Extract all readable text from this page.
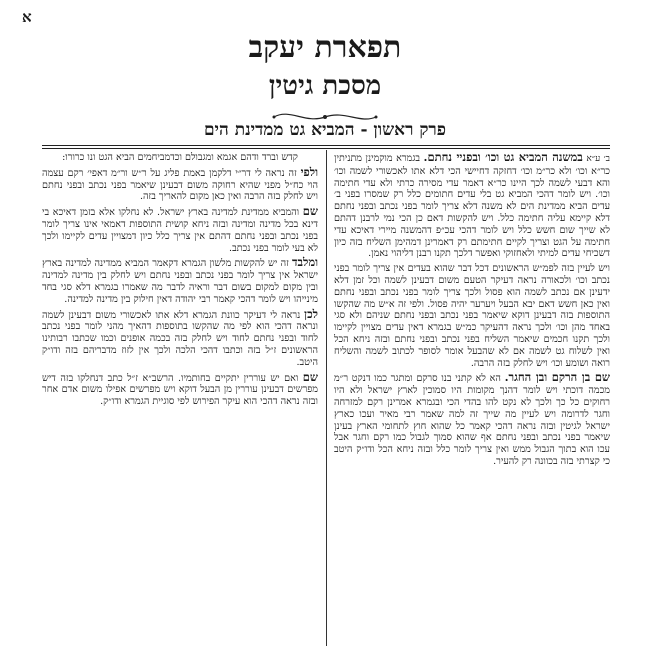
א
תפארת יעקב
מסכת גיטין
פרק ראשון - המביא גט ממדינת הים

ב׳ ע״א במשנה המביא גט וכו׳ ובפניי נחתם. בגמרא מוקמינן מתניתין כר״א וכו׳ ולא כר״מ וכו׳ דחזקה דחיישי הכי דלא אתו לאכשורי לשמה וכו׳ והא דבעי לשמה לכך היינו כר״א דאמר עדי מסירה כרתי ולא עדי חתימה וכו׳. ויש לומר דהכי המביא גט בלי עדים חתומים כלל רק שמסרו בפני ב׳ עדים הביא ממדינת הים לא משנה דלא צריך לומר בפני נכתב ובפני נחתם דלא קיימא עליה חתימה כלל. ויש להקשות דאם כן הכי נמי לרבנן דהתם לא שייך שום חשש כלל ויש לומר דהכי עכ״פ דהמשנה מיירי דאיכא עדי חתימה על הגט וצריך לקיים חתימתם רק דאמרינן דמהימן השליח בזה כיון דשכיחי עדים למיתי ולאחזוקי ואפשר דלכך תקנו רבנן דליהוי נאמן.

ויש לעיין בזה לפמ״ש הראשונים דכל דבר שהוא בעדים אין צריך לומר בפני נכתב וכו׳ ולכאורה נראה דעיקר הטעם משום דבעינן לשמה וכל זמן דלא ידעינן אם נכתב לשמה הוא פסול ולכך צריך לומר בפני נכתב ובפני נחתם ואין כאן חשש דאם יבא הבעל ויערער יהיה פסול. ולפי זה א״ש מה שהקשו התוספות בזה דבעינן דוקא שיאמר בפני נכתב ובפני נחתם שניהם ולא סגי באחד מהן וכו׳ ולכך נראה דהעיקר כמ״ש בגמרא דאין עדים מצויין לקיימו ולכך תקנו חכמים שיאמר השליח בפני נכתב ובפני נחתם ובזה ניחא הכל ואין לשלוח גט לשמה אם לא שהבעל אומר לסופר לכתוב לשמה והשליח רואה ושומע וכו׳ ויש לחלק בזה הרבה.

שם בן הרקם ובן החגר. הא לא קתני בנו סרקם ומתגר כמו דנקט ר״מ מכמה דוכתי ויש לומר דהנך מקומות היו סמוכין לארץ ישראל ולא היו רחוקים כל כך ולכך לא נקט להו בהדי הכי ובגמרא אמרינן רקם למזרחה וחגר לדרומה ויש לעיין מה שייך זה למה שאמר רבי מאיר ועכו כארץ ישראל לגיטין ובזה נראה דהכי קאמר כל שהוא חוץ לתחומי הארץ בעינן שיאמר בפני נכתב ובפני נחתם אף שהוא סמוך לגבול כמו רקם וחגר אבל עכו הוא בתוך הגבול ממש ואין צריך לומר כלל ובזה ניחא הכל ודו״ק היטב כי קצרתי בזה בכוונה רק להעיר.

קדש וברד ודהם אגמא ומגבולם וכדמביחמים הביא הגט ונו כרורו:

ולפי זה נראה לי דר״י דלקמן באמת פליג על ר״ש ור״מ דאפי׳ רקם עצמה הוי כח״ל מפני שהיא רחוקה משום דבעינן שיאמר בפני נכתב ובפני נחתם ויש לחלק בזה הרבה ואין כאן מקום להאריך בזה.

שם והמביא ממדינת למדינה בארץ ישראל. לא נחלקו אלא בזמן דאיכא בי דינא בכל מדינה ומדינה ובזה ניחא קושית התוספות דאמאי אינו צריך לומר בפני נכתב ובפני נחתם דהתם אין צריך כלל כיון דמצויין עדים לקיימו ולכך לא בעי לומר בפני נכתב.

ומלבד זה יש להקשות מלשון הגמרא דקאמר המביא ממדינה למדינה בארץ ישראל אין צריך לומר בפני נכתב ובפני נחתם ויש לחלק בין מדינה למדינה ובין מקום למקום בשום דבר וראיה לדבר מה שאמרו בגמרא דלא סגי בחד מינייהו ויש לומר דהכי קאמר רבי יהודה דאין חילוק בין מדינה למדינה.

לכן נראה לי דעיקר כוונת הגמרא דלא אתו לאכשורי משום דבעינן לשמה ונראה דהכי הוא לפי מה שהקשו בתוספות דהאיך מהני לומר בפני נכתב לחוד ובפני נחתם לחוד ויש לחלק בזה בכמה אופנים וכמו שכתבו רבותינו הראשונים ז״ל בזה וכתבו דהכי הלכה ולכך אין לזוז מדבריהם בזה ודו״ק היטב.

שם ואם יש עוררין יתקיים בחותמיו. הרשב״א ז״ל כתב דנחלקו בזה דיש מפרשים דבעינן עוררין מן הבעל דוקא ויש מפרשים אפילו משום אדם אחר ובזה נראה דהכי הוא עיקר הפירוש לפי סוגיית הגמרא ודו״ק.
